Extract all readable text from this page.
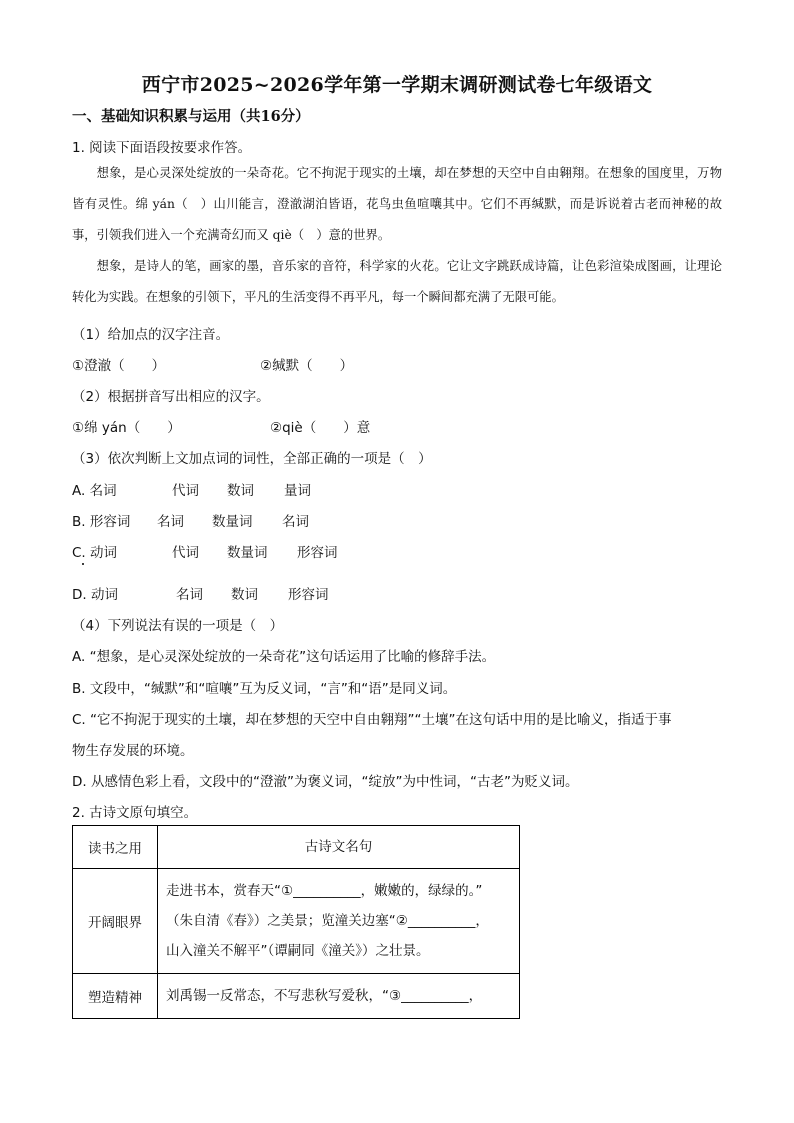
西宁市2025~2026学年第一学期末调研测试卷七年级语文
一、基础知识积累与运用（共16分）
1. 阅读下面语段按要求作答。

想象，是心灵深处绽放的一朵奇花。它不拘泥于现实的土壤，却在梦想的天空中自由翱翔。在想象的国度里，万物皆有灵性。绵 yán（　）山川能言，澄澈湖泊皆语，花鸟虫鱼喧嚷其中。它们不再缄默，而是诉说着古老而神秘的故事，引领我们进入一个充满奇幻而又 qiè（　）意的世界。

想象，是诗人的笔，画家的墨，音乐家的音符，科学家的火花。它让文字跳跃成诗篇，让色彩渲染成图画，让理论转化为实践。在想象的引领下，平凡的生活变得不再平凡，每一个瞬间都充满了无限可能。

（1）给加点的汉字注音。
①澄澈（　　）	②缄默（　　）
（2）根据拼音写出相应的汉字。
①绵 yán（　　）	②qiè（　　）意
（3）依次判断上文加点词的词性，全部正确的一项是（　）
A. 名词	代词 数词 量词
B. 形容词 名词 数量词 名词
C. 动词	代词 数量词 形容词
D. 动词	名词 数词 形容词
（4）下列说法有误的一项是（　）
A. “想象，是心灵深处绽放的一朵奇花”这句话运用了比喻的修辞手法。
B. 文段中，“缄默”和“喧嚷”互为反义词，“言”和“语”是同义词。
C. “它不拘泥于现实的土壤，却在梦想的天空中自由翱翔”“土壤”在这句话中用的是比喻义，指适于事
物生存发展的环境。
D. 从感情色彩上看，文段中的“澄澈”为褒义词，“绽放”为中性词，“古老”为贬义词。
2. 古诗文原句填空。
读书之用	古诗文名句
开阔眼界	走进书本，赏春天“①__________，嫩嫩的，绿绿的。”
（朱自清《春》）之美景；览潼关边塞“②__________，
山入潼关不解平”（谭嗣同《潼关》）之壮景。

塑造精神	刘禹锡一反常态，不写悲秋写爱秋，“③__________，
